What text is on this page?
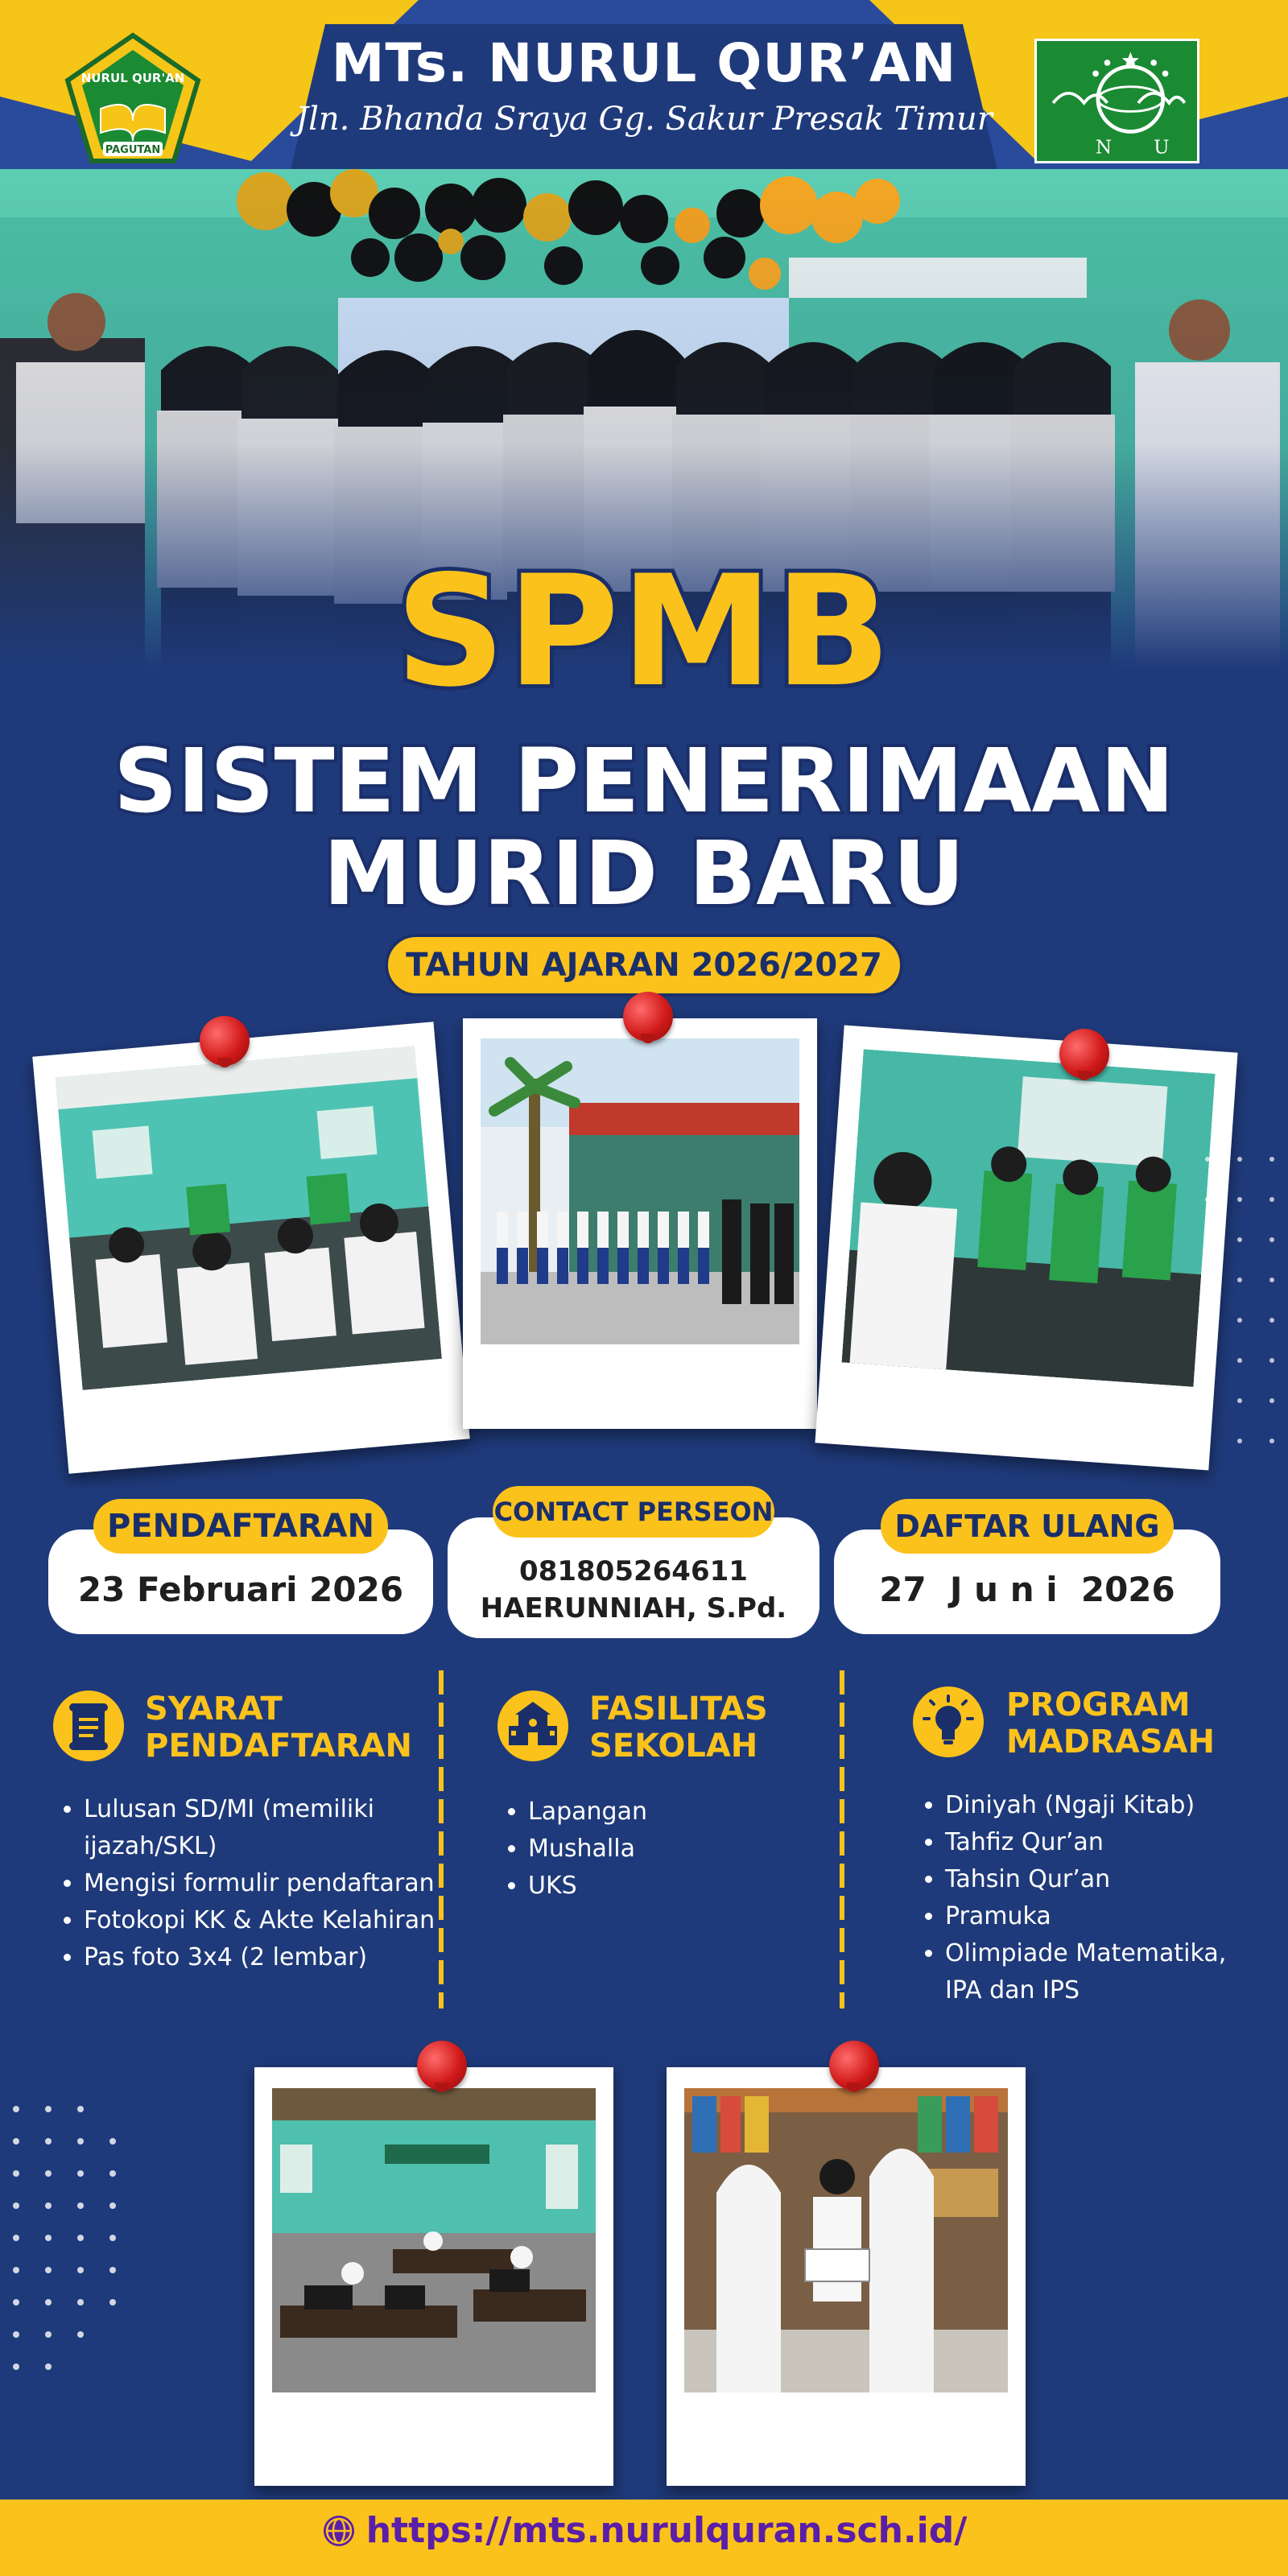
MTs. NURUL QUR’AN
Jln. Bhanda Sraya Gg. Sakur Presak Timur
NURUL QUR'AN
PAGUTAN	N U
SPMB
SISTEM PENERIMAAN
MURID BARU
TAHUN AJARAN 2026/2027
PENDAFTARAN
23 Februari 2026
CONTACT PERSEON
081805264611
HAERUNNIAH, S.Pd.
DAFTAR ULANG
27  J u n i  2026
SYARAT
PENDAFTARAN
• Lulusan SD/MI (memiliki ijazah/SKL)
• Mengisi formulir pendaftaran
• Fotokopi KK & Akte Kelahiran
• Pas foto 3x4 (2 lembar)
FASILITAS
SEKOLAH
• Lapangan
• Mushalla
• UKS
PROGRAM
MADRASAH
• Diniyah (Ngaji Kitab)
• Tahfiz Qur’an
• Tahsin Qur’an
• Pramuka
• Olimpiade Matematika, IPA dan IPS
https://mts.nurulquran.sch.id/
